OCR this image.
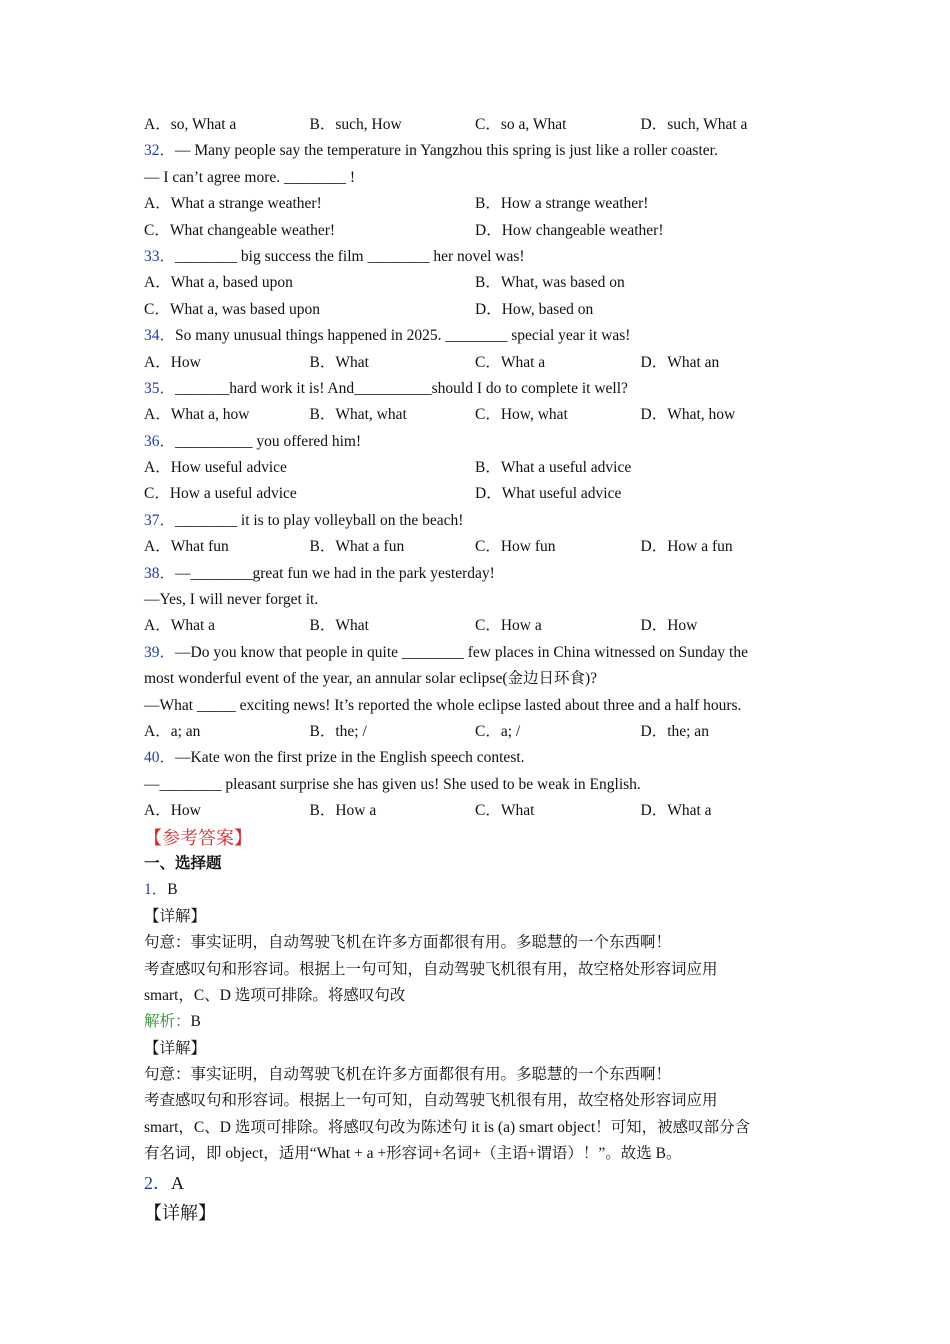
A．so, What a	B．such, How	C．so a, What	D．such, What a
32．— Many people say the temperature in Yangzhou this spring is just like a roller coaster.
— I can’t agree more. ________ !
A．What a strange weather!	B．How a strange weather!
C．What changeable weather!	D．How changeable weather!
33．________ big success the film ________ her novel was!
A．What a, based upon	B．What, was based on
C．What a, was based upon	D．How, based on
34．So many unusual things happened in 2025. ________ special year it was!
A．How	B．What	C．What a	D．What an
35．_______hard work it is! And__________should I do to complete it well?
A．What a, how	B．What, what	C．How, what	D．What, how
36．__________ you offered him!
A．How useful advice	B．What a useful advice
C．How a useful advice	D．What useful advice
37．________ it is to play volleyball on the beach!
A．What fun	B．What a fun	C．How fun	D．How a fun
38．—________great fun we had in the park yesterday!
—Yes, I will never forget it.
A．What a	B．What	C．How a	D．How
39．—Do you know that people in quite ________ few places in China witnessed on Sunday the
most wonderful event of the year, an annular solar eclipse(金边日环食)?
—What _____ exciting news! It’s reported the whole eclipse lasted about three and a half hours.
A．a; an	B．the; /	C．a; /	D．the; an
40．—Kate won the first prize in the English speech contest.
—________ pleasant surprise she has given us! She used to be weak in English.
A．How	B．How a	C．What	D．What a
【参考答案】
一、选择题
1．B
【详解】
句意：事实证明，自动驾驶飞机在许多方面都很有用。多聪慧的一个东西啊！
考查感叹句和形容词。根据上一句可知，自动驾驶飞机很有用，故空格处形容词应用
smart，C、D 选项可排除。将感叹句改
解析：B
【详解】
句意：事实证明，自动驾驶飞机在许多方面都很有用。多聪慧的一个东西啊！
考查感叹句和形容词。根据上一句可知，自动驾驶飞机很有用，故空格处形容词应用
smart，C、D 选项可排除。将感叹句改为陈述句 it is (a) smart object！可知，被感叹部分含
有名词，即 object，适用“What + a +形容词+名词+（主语+谓语）！”。故选 B。
2．A
【详解】
